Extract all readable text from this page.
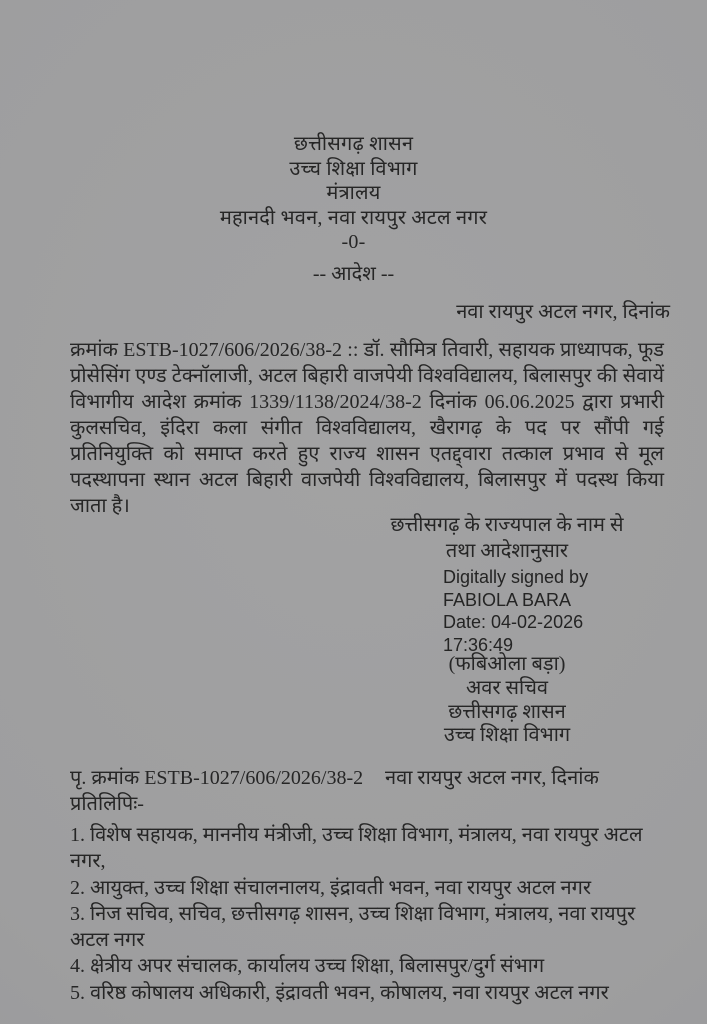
छत्तीसगढ़ शासन
उच्च शिक्षा विभाग
मंत्रालय
महानदी भवन, नवा रायपुर अटल नगर
-0-
-- आदेश --
नवा रायपुर अटल नगर, दिनांक
क्रमांक ESTB-1027/606/2026/38-2 :: डॉ. सौमित्र तिवारी, सहायक प्राध्यापक, फूड प्रोसेसिंग एण्ड टेक्नॉलाजी, अटल बिहारी वाजपेयी विश्वविद्यालय, बिलासपुर की सेवायें विभागीय आदेश क्रमांक 1339/1138/2024/38-2 दिनांक 06.06.2025 द्वारा प्रभारी कुलसचिव, इंदिरा कला संगीत विश्वविद्यालय, खैरागढ़ के पद पर सौंपी गई प्रतिनियुक्ति को समाप्त करते हुए राज्य शासन एतद्द्वारा तत्काल प्रभाव से मूल पदस्थापना स्थान अटल बिहारी वाजपेयी विश्वविद्यालय, बिलासपुर में पदस्थ किया जाता है।
छत्तीसगढ़ के राज्यपाल के नाम से
तथा आदेशानुसार
Digitally signed by
FABIOLA BARA
Date: 04-02-2026
17:36:49
(फबिओला बड़ा)
अवर सचिव
छत्तीसगढ़ शासन
उच्च शिक्षा विभाग
पृ. क्रमांक ESTB-1027/606/2026/38-2	नवा रायपुर अटल नगर, दिनांक
प्रतिलिपिः-
1. विशेष सहायक, माननीय मंत्रीजी, उच्च शिक्षा विभाग, मंत्रालय, नवा रायपुर अटल नगर,
2. आयुक्त, उच्च शिक्षा संचालनालय, इंद्रावती भवन, नवा रायपुर अटल नगर
3. निज सचिव, सचिव, छत्तीसगढ़ शासन, उच्च शिक्षा विभाग, मंत्रालय, नवा रायपुर अटल नगर
4. क्षेत्रीय अपर संचालक, कार्यालय उच्च शिक्षा, बिलासपुर/दुर्ग संभाग
5. वरिष्ठ कोषालय अधिकारी, इंद्रावती भवन, कोषालय, नवा रायपुर अटल नगर
